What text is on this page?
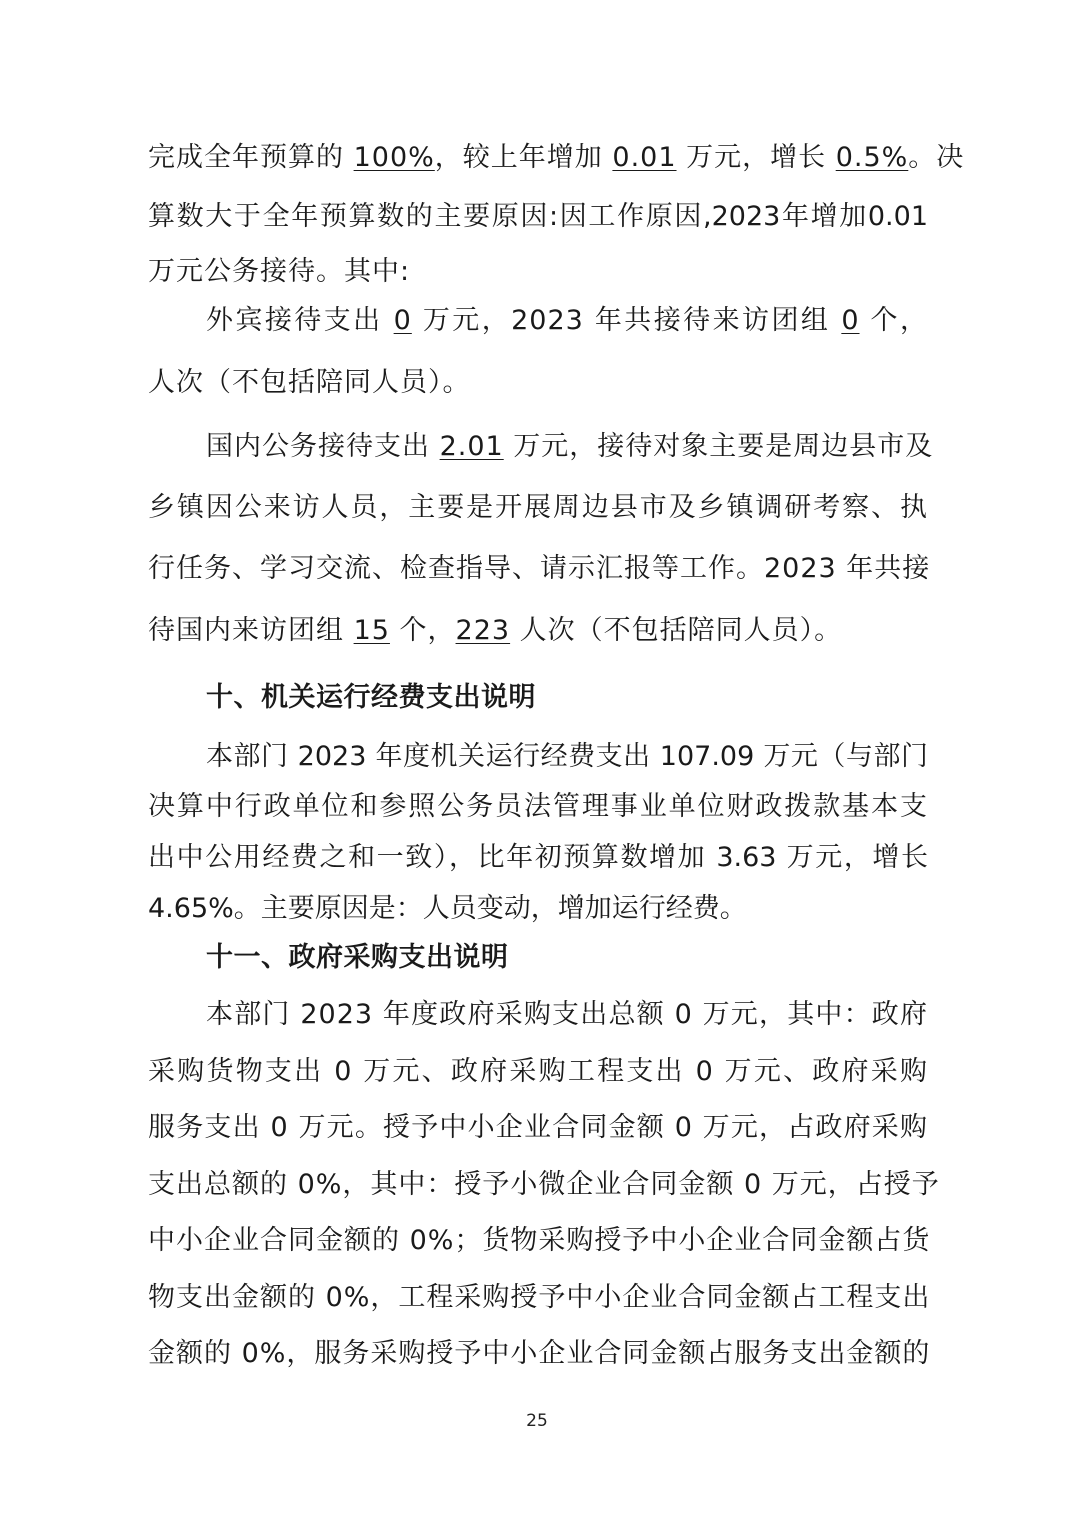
完成全年预算的 100%，较上年增加 0.01 万元，增长 0.5%。决
算数大于全年预算数的主要原因:因工作原因,2023年增加0.01
万元公务接待。其中:
外宾接待支出 0 万元，2023 年共接待来访团组 0 个，
人次（不包括陪同人员）。
国内公务接待支出 2.01 万元，接待对象主要是周边县市及
乡镇因公来访人员，主要是开展周边县市及乡镇调研考察、执
行任务、学习交流、检查指导、请示汇报等工作。2023 年共接
待国内来访团组 15 个，223 人次（不包括陪同人员）。
十、机关运行经费支出说明
本部门 2023 年度机关运行经费支出 107.09 万元（与部门
决算中行政单位和参照公务员法管理事业单位财政拨款基本支
出中公用经费之和一致），比年初预算数增加 3.63 万元，增长
4.65%。主要原因是：人员变动，增加运行经费。
十一、政府采购支出说明
本部门 2023 年度政府采购支出总额 0 万元，其中：政府
采购货物支出 0 万元、政府采购工程支出 0 万元、政府采购
服务支出 0 万元。授予中小企业合同金额 0 万元，占政府采购
支出总额的 0%，其中：授予小微企业合同金额 0 万元，占授予
中小企业合同金额的 0%；货物采购授予中小企业合同金额占货
物支出金额的 0%，工程采购授予中小企业合同金额占工程支出
金额的 0%，服务采购授予中小企业合同金额占服务支出金额的
25
